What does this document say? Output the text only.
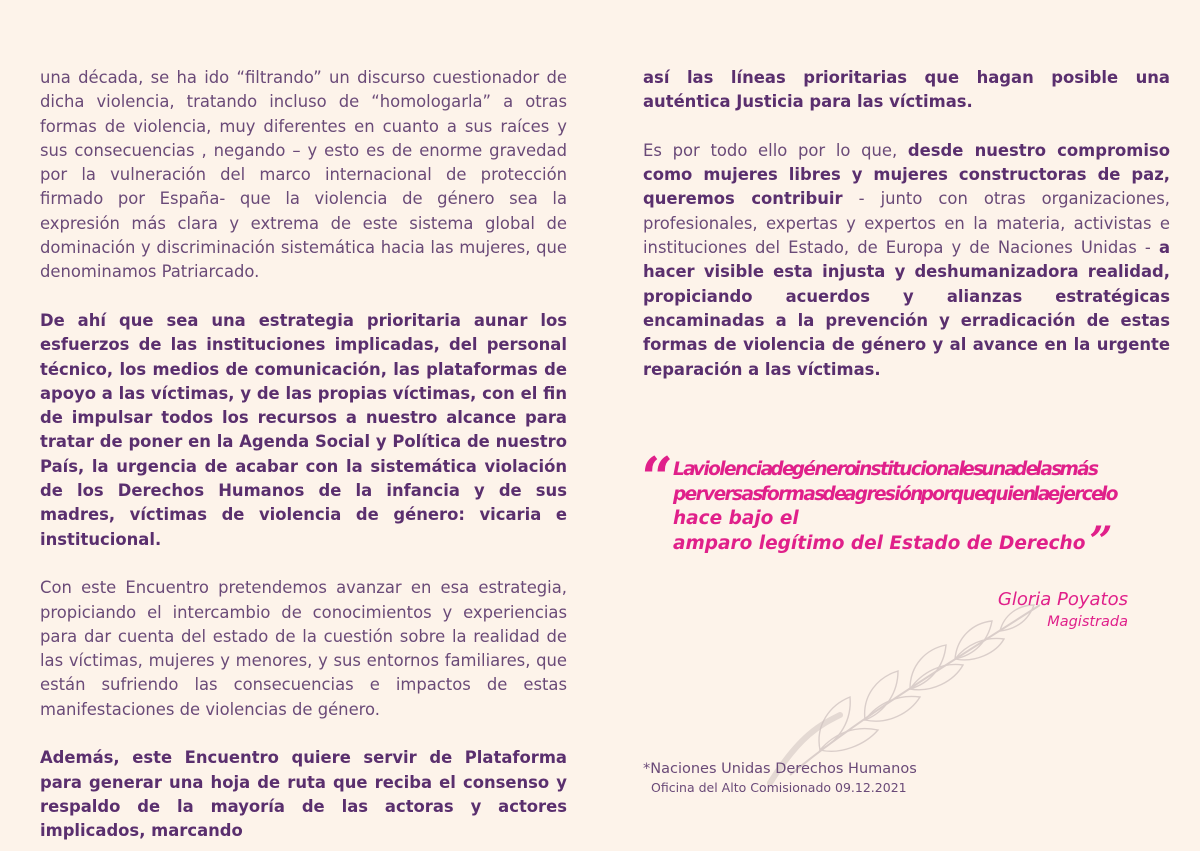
una década, se ha ido “filtrando” un discurso cuestionador de dicha violencia, tratando incluso de “homologarla” a otras formas de violencia, muy diferentes en cuanto a sus raíces y sus consecuencias , negando – y esto es de enorme gravedad por la vulneración del marco internacional de protección firmado por España- que la violencia de género sea la expresión más clara y extrema de este sistema global de dominación y discriminación sistemática hacia las mujeres, que denominamos Patriarcado.

De ahí que sea una estrategia prioritaria aunar los esfuerzos de las instituciones implicadas, del personal técnico, los medios de comunicación, las plataformas de apoyo a las víctimas, y de las propias víctimas, con el fin de impulsar todos los recursos a nuestro alcance para tratar de poner en la Agenda Social y Política de nuestro País, la urgencia de acabar con la sistemática violación de los Derechos Humanos de la infancia y de sus madres, víctimas de violencia de género: vicaria e institucional.

Con este Encuentro pretendemos avanzar en esa estrategia, propiciando el intercambio de conocimientos y experiencias para dar cuenta del estado de la cuestión sobre la realidad de las víctimas, mujeres y menores, y sus entornos familiares, que están sufriendo las consecuencias e impactos de estas manifestaciones de violencias de género.

Además, este Encuentro quiere servir de Plataforma para generar una hoja de ruta que reciba el consenso y respaldo de la mayoría de las actoras y actores implicados, marcando

así las líneas prioritarias que hagan posible una auténtica Justicia para las víctimas.

Es por todo ello por lo que, desde nuestro compromiso como mujeres libres y mujeres constructoras de paz, queremos contribuir - junto con otras organizaciones, profesionales, expertas y expertos en la materia, activistas e instituciones del Estado, de Europa y de Naciones Unidas - a hacer visible esta injusta y deshumanizadora realidad, propiciando acuerdos y alianzas estratégicas encaminadas a la prevención y erradicación de estas formas de violencia de género y al avance en la urgente reparación a las víctimas.

“ La violencia de género institucional es una de las más
perversas formas de agresión porque quien la ejerce lo
hace bajo el
amparo legítimo del Estado de Derecho ”

Gloria Poyatos
Magistrada
*Naciones Unidas Derechos Humanos
Oficina del Alto Comisionado 09.12.2021
